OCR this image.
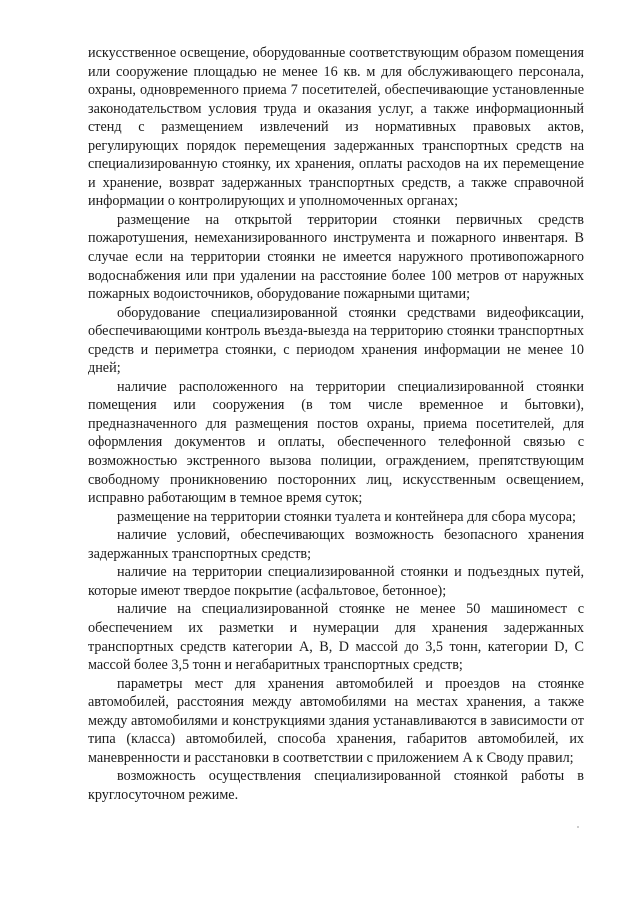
искусственное освещение, оборудованные соответствующим образом помещения или сооружение площадью не менее 16 кв. м для обслуживающего персонала, охраны, одновременного приема 7 посетителей, обеспечивающие установленные законодательством условия труда и оказания услуг, а также информационный стенд с размещением извлечений из нормативных правовых актов, регулирующих порядок перемещения задержанных транспортных средств на специализированную стоянку, их хранения, оплаты расходов на их перемещение и хранение, возврат задержанных транспортных средств, а также справочной информации о контролирующих и уполномоченных органах;

размещение на открытой территории стоянки первичных средств пожаротушения, немеханизированного инструмента и пожарного инвентаря. В случае если на территории стоянки не имеется наружного противопожарного водоснабжения или при удалении на расстояние более 100 метров от наружных пожарных водоисточников, оборудование пожарными щитами;

оборудование специализированной стоянки средствами видеофиксации, обеспечивающими контроль въезда-выезда на территорию стоянки транспортных средств и периметра стоянки, с периодом хранения информации не менее 10 дней;

наличие расположенного на территории специализированной стоянки помещения или сооружения (в том числе временное и бытовки), предназначенного для размещения постов охраны, приема посетителей, для оформления документов и оплаты, обеспеченного телефонной связью с возможностью экстренного вызова полиции, ограждением, препятствующим свободному проникновению посторонних лиц, искусственным освещением, исправно работающим в темное время суток;

размещение на территории стоянки туалета и контейнера для сбора мусора;

наличие условий, обеспечивающих возможность безопасного хранения задержанных транспортных средств;

наличие на территории специализированной стоянки и подъездных путей, которые имеют твердое покрытие (асфальтовое, бетонное);

наличие на специализированной стоянке не менее 50 машиномест с обеспечением их разметки и нумерации для хранения задержанных транспортных средств категории A, B, D массой до 3,5 тонн, категории D, C массой более 3,5 тонн и негабаритных транспортных средств;

параметры мест для хранения автомобилей и проездов на стоянке автомобилей, расстояния между автомобилями на местах хранения, а также между автомобилями и конструкциями здания устанавливаются в зависимости от типа (класса) автомобилей, способа хранения, габаритов автомобилей, их маневренности и расстановки в соответствии с приложением А к Своду правил;

возможность осуществления специализированной стоянкой работы в круглосуточном режиме.
